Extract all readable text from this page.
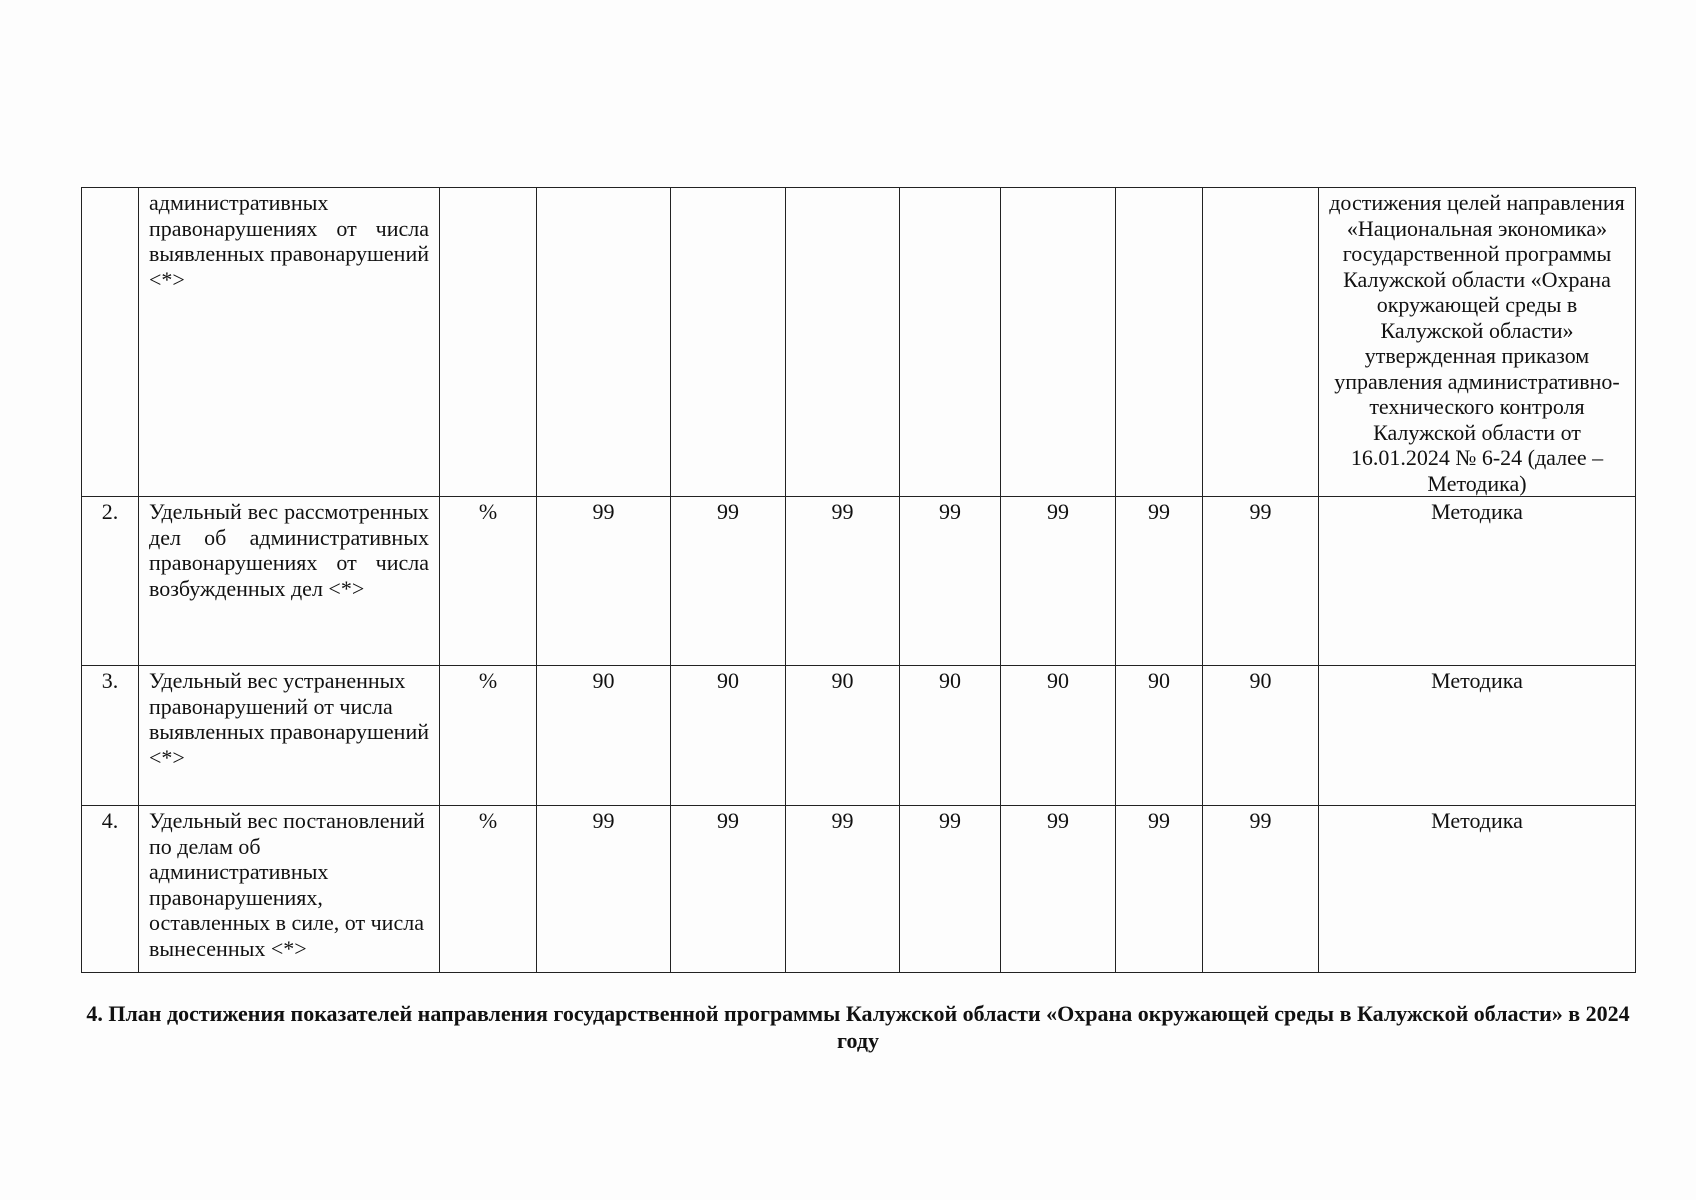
	административных правонарушениях от числа выявленных правонарушений <*>									достижения целей направления «Национальная экономика» государственной программы Калужской области «Охрана окружающей среды в Калужской области» утвержденная приказом управления административно-технического контроля Калужской области от 16.01.2024 № 6-24 (далее – Методика)
2.	Удельный вес рассмотренных дел об административных правонарушениях от числа возбужденных дел <*>	%	99	99	99	99	99	99	99	Методика
3.	Удельный вес устраненных правонарушений от числа выявленных правонарушений <*>	%	90	90	90	90	90	90	90	Методика
4.	Удельный вес постановлений по делам об административных правонарушениях, оставленных в силе, от числа вынесенных <*>	%	99	99	99	99	99	99	99	Методика
4. План достижения показателей направления государственной программы Калужской области «Охрана окружающей среды в Калужской области» в 2024 году
